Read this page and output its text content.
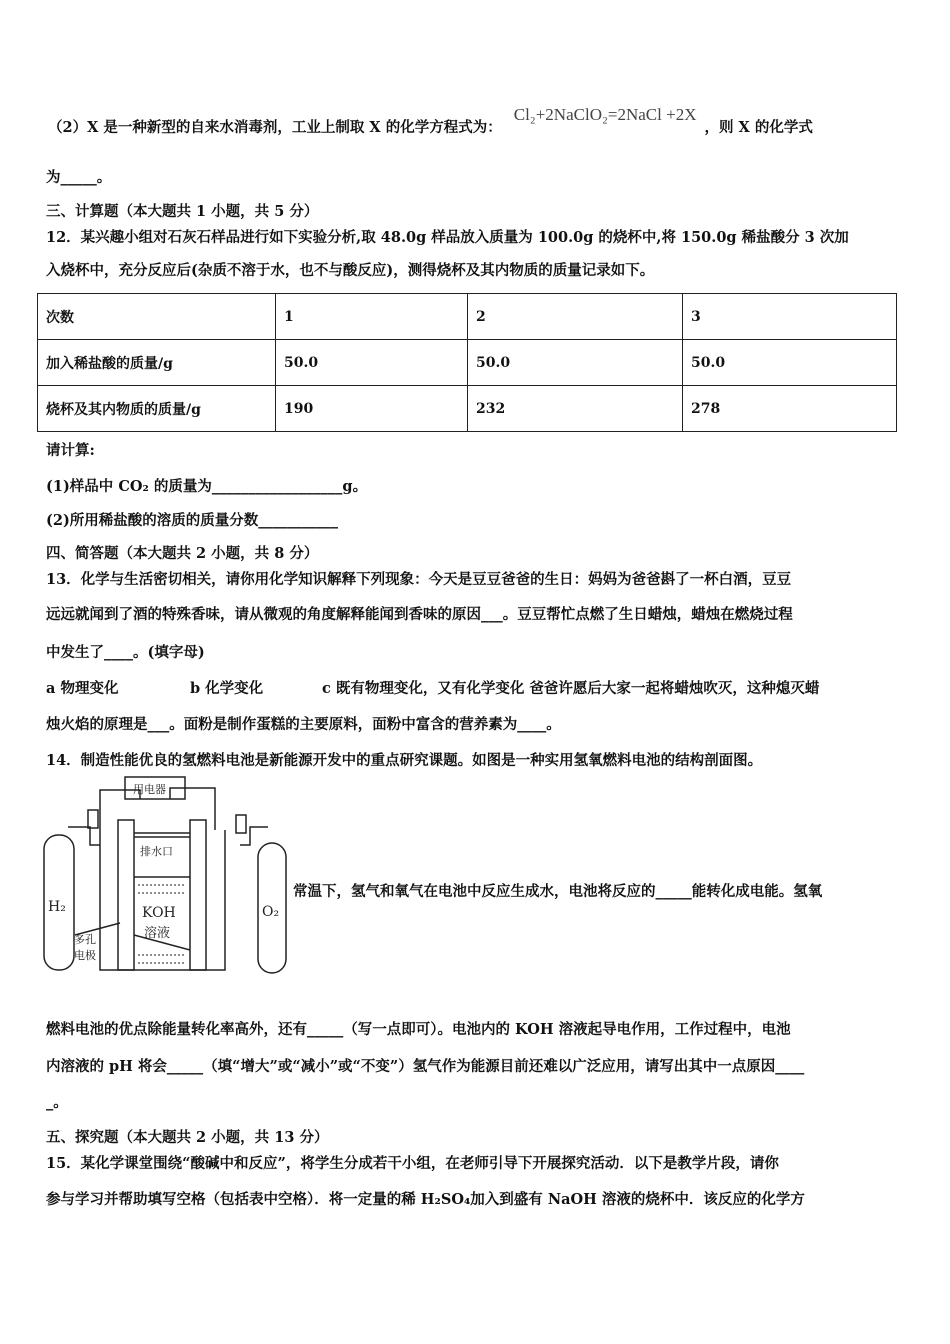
（2）X 是一种新型的自来水消毒剂，工业上制取 X 的化学方程式为：Cl₂+2NaClO₂=2NaCl +2X，则 X 的化学式
为_____。
三、计算题（本大题共 1 小题，共 5 分）
12．某兴趣小组对石灰石样品进行如下实验分析,取 48.0g 样品放入质量为 100.0g 的烧杯中,将 150.0g 稀盐酸分 3 次加
入烧杯中，充分反应后(杂质不溶于水，也不与酸反应)，测得烧杯及其内物质的质量记录如下。
次数	1	2	3
加入稀盐酸的质量/g	50.0	50.0	50.0
烧杯及其内物质的质量/g	190	232	278
请计算:
(1)样品中 CO₂ 的质量为__________________g。
(2)所用稀盐酸的溶质的质量分数___________
四、简答题（本大题共 2 小题，共 8 分）
13．化学与生活密切相关，请你用化学知识解释下列现象：今天是豆豆爸爸的生日：妈妈为爸爸斟了一杯白酒，豆豆
远远就闻到了酒的特殊香味，请从微观的角度解释能闻到香味的原因___。豆豆帮忙点燃了生日蜡烛，蜡烛在燃烧过程
中发生了____。(填字母)
a 物理变化	b 化学变化	c 既有物理变化，又有化学变化 爸爸许愿后大家一起将蜡烛吹灭，这种熄灭蜡
烛火焰的原理是___。面粉是制作蛋糕的主要原料，面粉中富含的营养素为____。
14．制造性能优良的氢燃料电池是新能源开发中的重点研究课题。如图是一种实用氢氧燃料电池的结构剖面图。
用电器
排水口
KOH
溶液
H₂	O₂
多孔
电极
常温下，氢气和氧气在电池中反应生成水，电池将反应的_____能转化成电能。氢氧
燃料电池的优点除能量转化率高外，还有_____（写一点即可）。电池内的 KOH 溶液起导电作用，工作过程中，电池
内溶液的 pH 将会_____（填“增大”或“减小”或“不变”）氢气作为能源目前还难以广泛应用，请写出其中一点原因____
_。
五、探究题（本大题共 2 小题，共 13 分）
15．某化学课堂围绕“酸碱中和反应”，将学生分成若干小组，在老师引导下开展探究活动．以下是教学片段，请你
参与学习并帮助填写空格（包括表中空格）．将一定量的稀 H₂SO₄加入到盛有 NaOH 溶液的烧杯中．该反应的化学方
